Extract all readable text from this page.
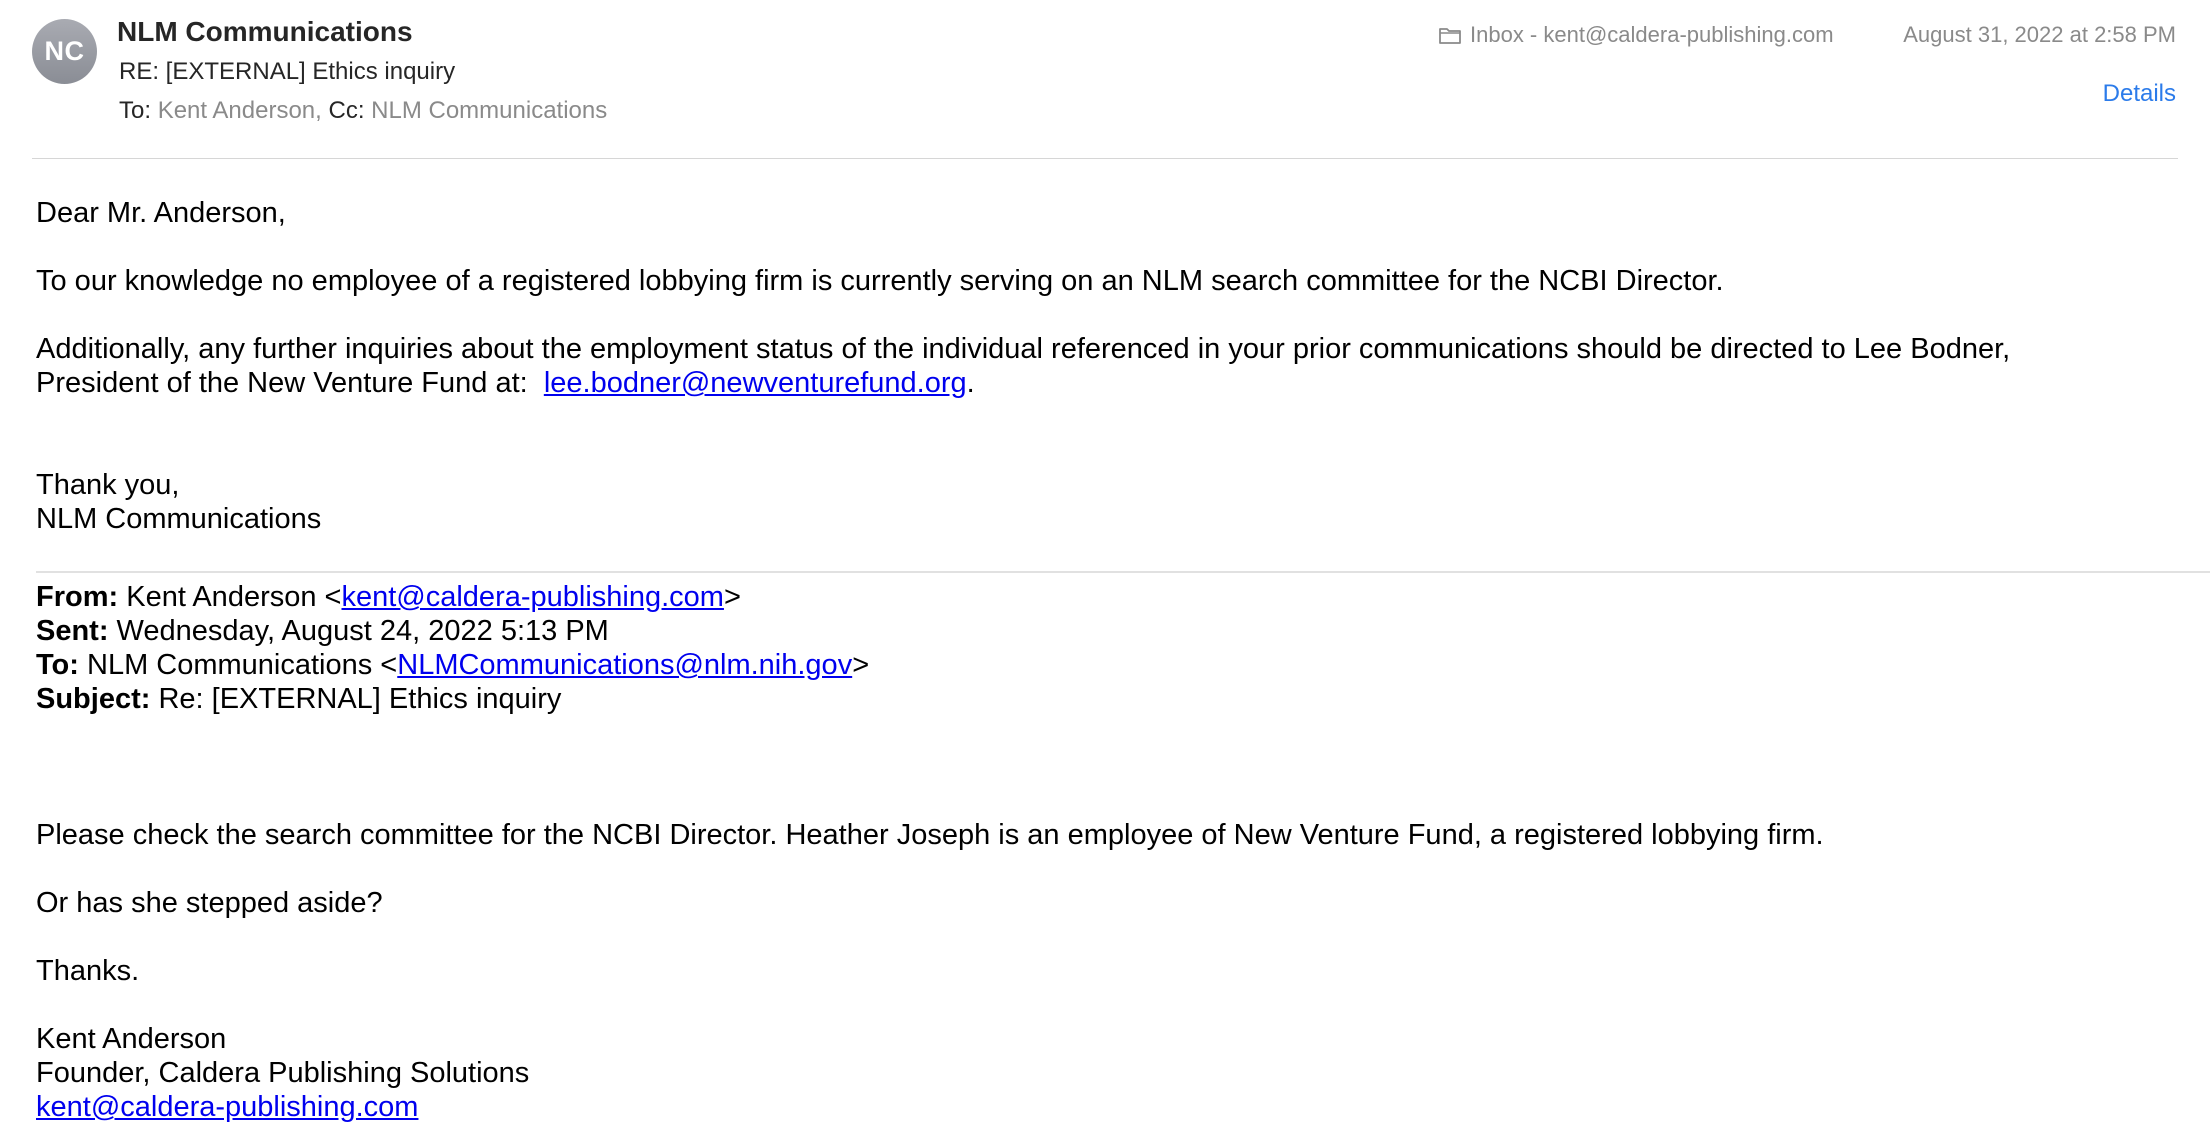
NC
NLM Communications
RE: [EXTERNAL] Ethics inquiry
To: Kent Anderson, Cc: NLM Communications
Inbox - kent@caldera-publishing.com	August 31, 2022 at 2:58 PM
Details

Dear Mr. Anderson,

To our knowledge no employee of a registered lobbying firm is currently serving on an NLM search committee for the NCBI Director.

Additionally, any further inquiries about the employment status of the individual referenced in your prior communications should be directed to Lee Bodner,

President of the New Venture Fund at:  lee.bodner@newventurefund.org.

Thank you,

NLM Communications

From: Kent Anderson <kent@caldera-publishing.com>

Sent: Wednesday, August 24, 2022 5:13 PM

To: NLM Communications <NLMCommunications@nlm.nih.gov>

Subject: Re: [EXTERNAL] Ethics inquiry

Please check the search committee for the NCBI Director. Heather Joseph is an employee of New Venture Fund, a registered lobbying firm.

Or has she stepped aside?

Thanks.

Kent Anderson

Founder, Caldera Publishing Solutions

kent@caldera-publishing.com
